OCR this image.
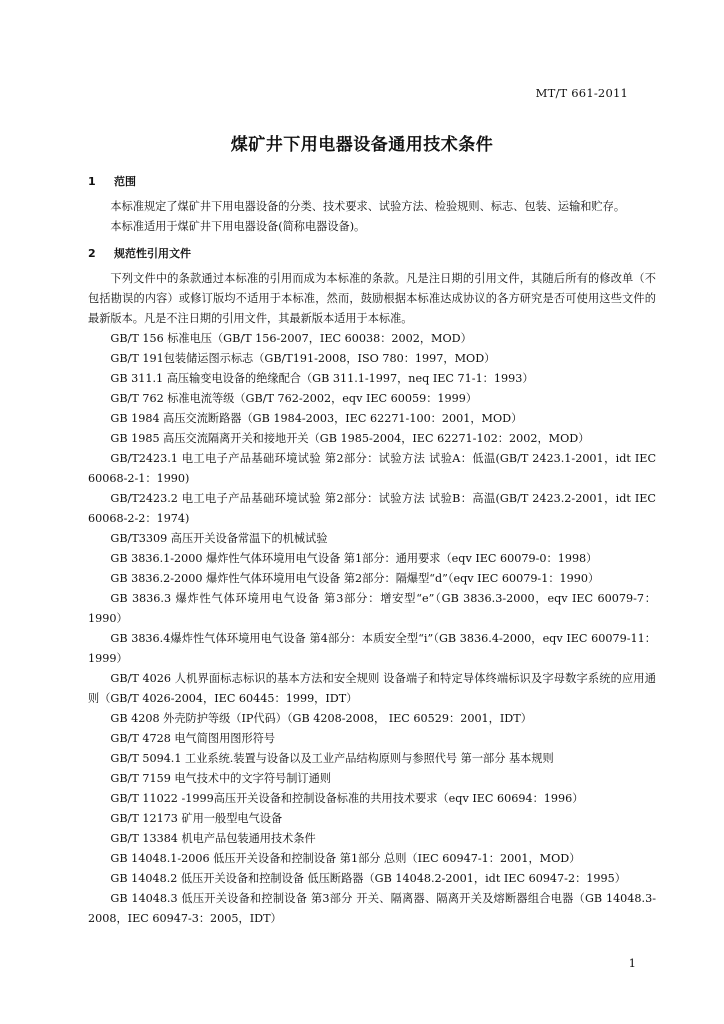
MT/T 661-2011
煤矿井下用电器设备通用技术条件
1 范围
本标准规定了煤矿井下用电器设备的分类、技术要求、试验方法、检验规则、标志、包装、运输和贮存。
本标准适用于煤矿井下用电器设备(简称电器设备)。
2 规范性引用文件
下列文件中的条款通过本标准的引用而成为本标准的条款。凡是注日期的引用文件，其随后所有的修改单（不包括勘误的内容）或修订版均不适用于本标准，然而，鼓励根据本标准达成协议的各方研究是否可使用这些文件的最新版本。凡是不注日期的引用文件，其最新版本适用于本标准。
GB/T 156 标准电压（GB/T 156-2007，IEC 60038：2002，MOD）
GB/T 191包装储运图示标志（GB/T191-2008，ISO 780：1997，MOD）
GB 311.1 高压输变电设备的绝缘配合（GB 311.1-1997，neq IEC 71-1：1993）
GB/T 762 标准电流等级（GB/T 762-2002，eqv IEC 60059：1999）
GB 1984 高压交流断路器（GB 1984-2003，IEC 62271-100：2001，MOD）
GB 1985 高压交流隔离开关和接地开关（GB 1985-2004，IEC 62271-102：2002，MOD）
GB/T2423.1 电工电子产品基础环境试验 第2部分：试验方法 试验A：低温(GB/T 2423.1-2001，idt IEC 60068-2-1：1990)
GB/T2423.2 电工电子产品基础环境试验 第2部分：试验方法 试验B：高温(GB/T 2423.2-2001，idt IEC 60068-2-2：1974)
GB/T3309 高压开关设备常温下的机械试验
GB 3836.1-2000 爆炸性气体环境用电气设备 第1部分：通用要求（eqv IEC 60079-0：1998）
GB 3836.2-2000 爆炸性气体环境用电气设备 第2部分：隔爆型“d”（eqv IEC 60079-1：1990）
GB 3836.3 爆炸性气体环境用电气设备 第3部分：增安型“e”（GB 3836.3-2000，eqv IEC 60079-7：1990）
GB 3836.4爆炸性气体环境用电气设备 第4部分：本质安全型“i”（GB 3836.4-2000，eqv IEC 60079-11：1999）
GB/T 4026 人机界面标志标识的基本方法和安全规则 设备端子和特定导体终端标识及字母数字系统的应用通则（GB/T 4026-2004，IEC 60445：1999，IDT）
GB 4208 外壳防护等级（IP代码）（GB 4208-2008， IEC 60529：2001，IDT）
GB/T 4728 电气简图用图形符号
GB/T 5094.1 工业系统.装置与设备以及工业产品结构原则与参照代号 第一部分 基本规则
GB/T 7159 电气技术中的文字符号制订通则
GB/T 11022 -1999高压开关设备和控制设备标准的共用技术要求（eqv IEC 60694：1996）
GB/T 12173 矿用一般型电气设备
GB/T 13384 机电产品包装通用技术条件
GB 14048.1-2006 低压开关设备和控制设备 第1部分 总则（IEC 60947-1：2001，MOD）
GB 14048.2 低压开关设备和控制设备 低压断路器（GB 14048.2-2001，idt IEC 60947-2：1995）
GB 14048.3 低压开关设备和控制设备 第3部分 开关、隔离器、隔离开关及熔断器组合电器（GB 14048.3-2008，IEC 60947-3：2005，IDT）
1
